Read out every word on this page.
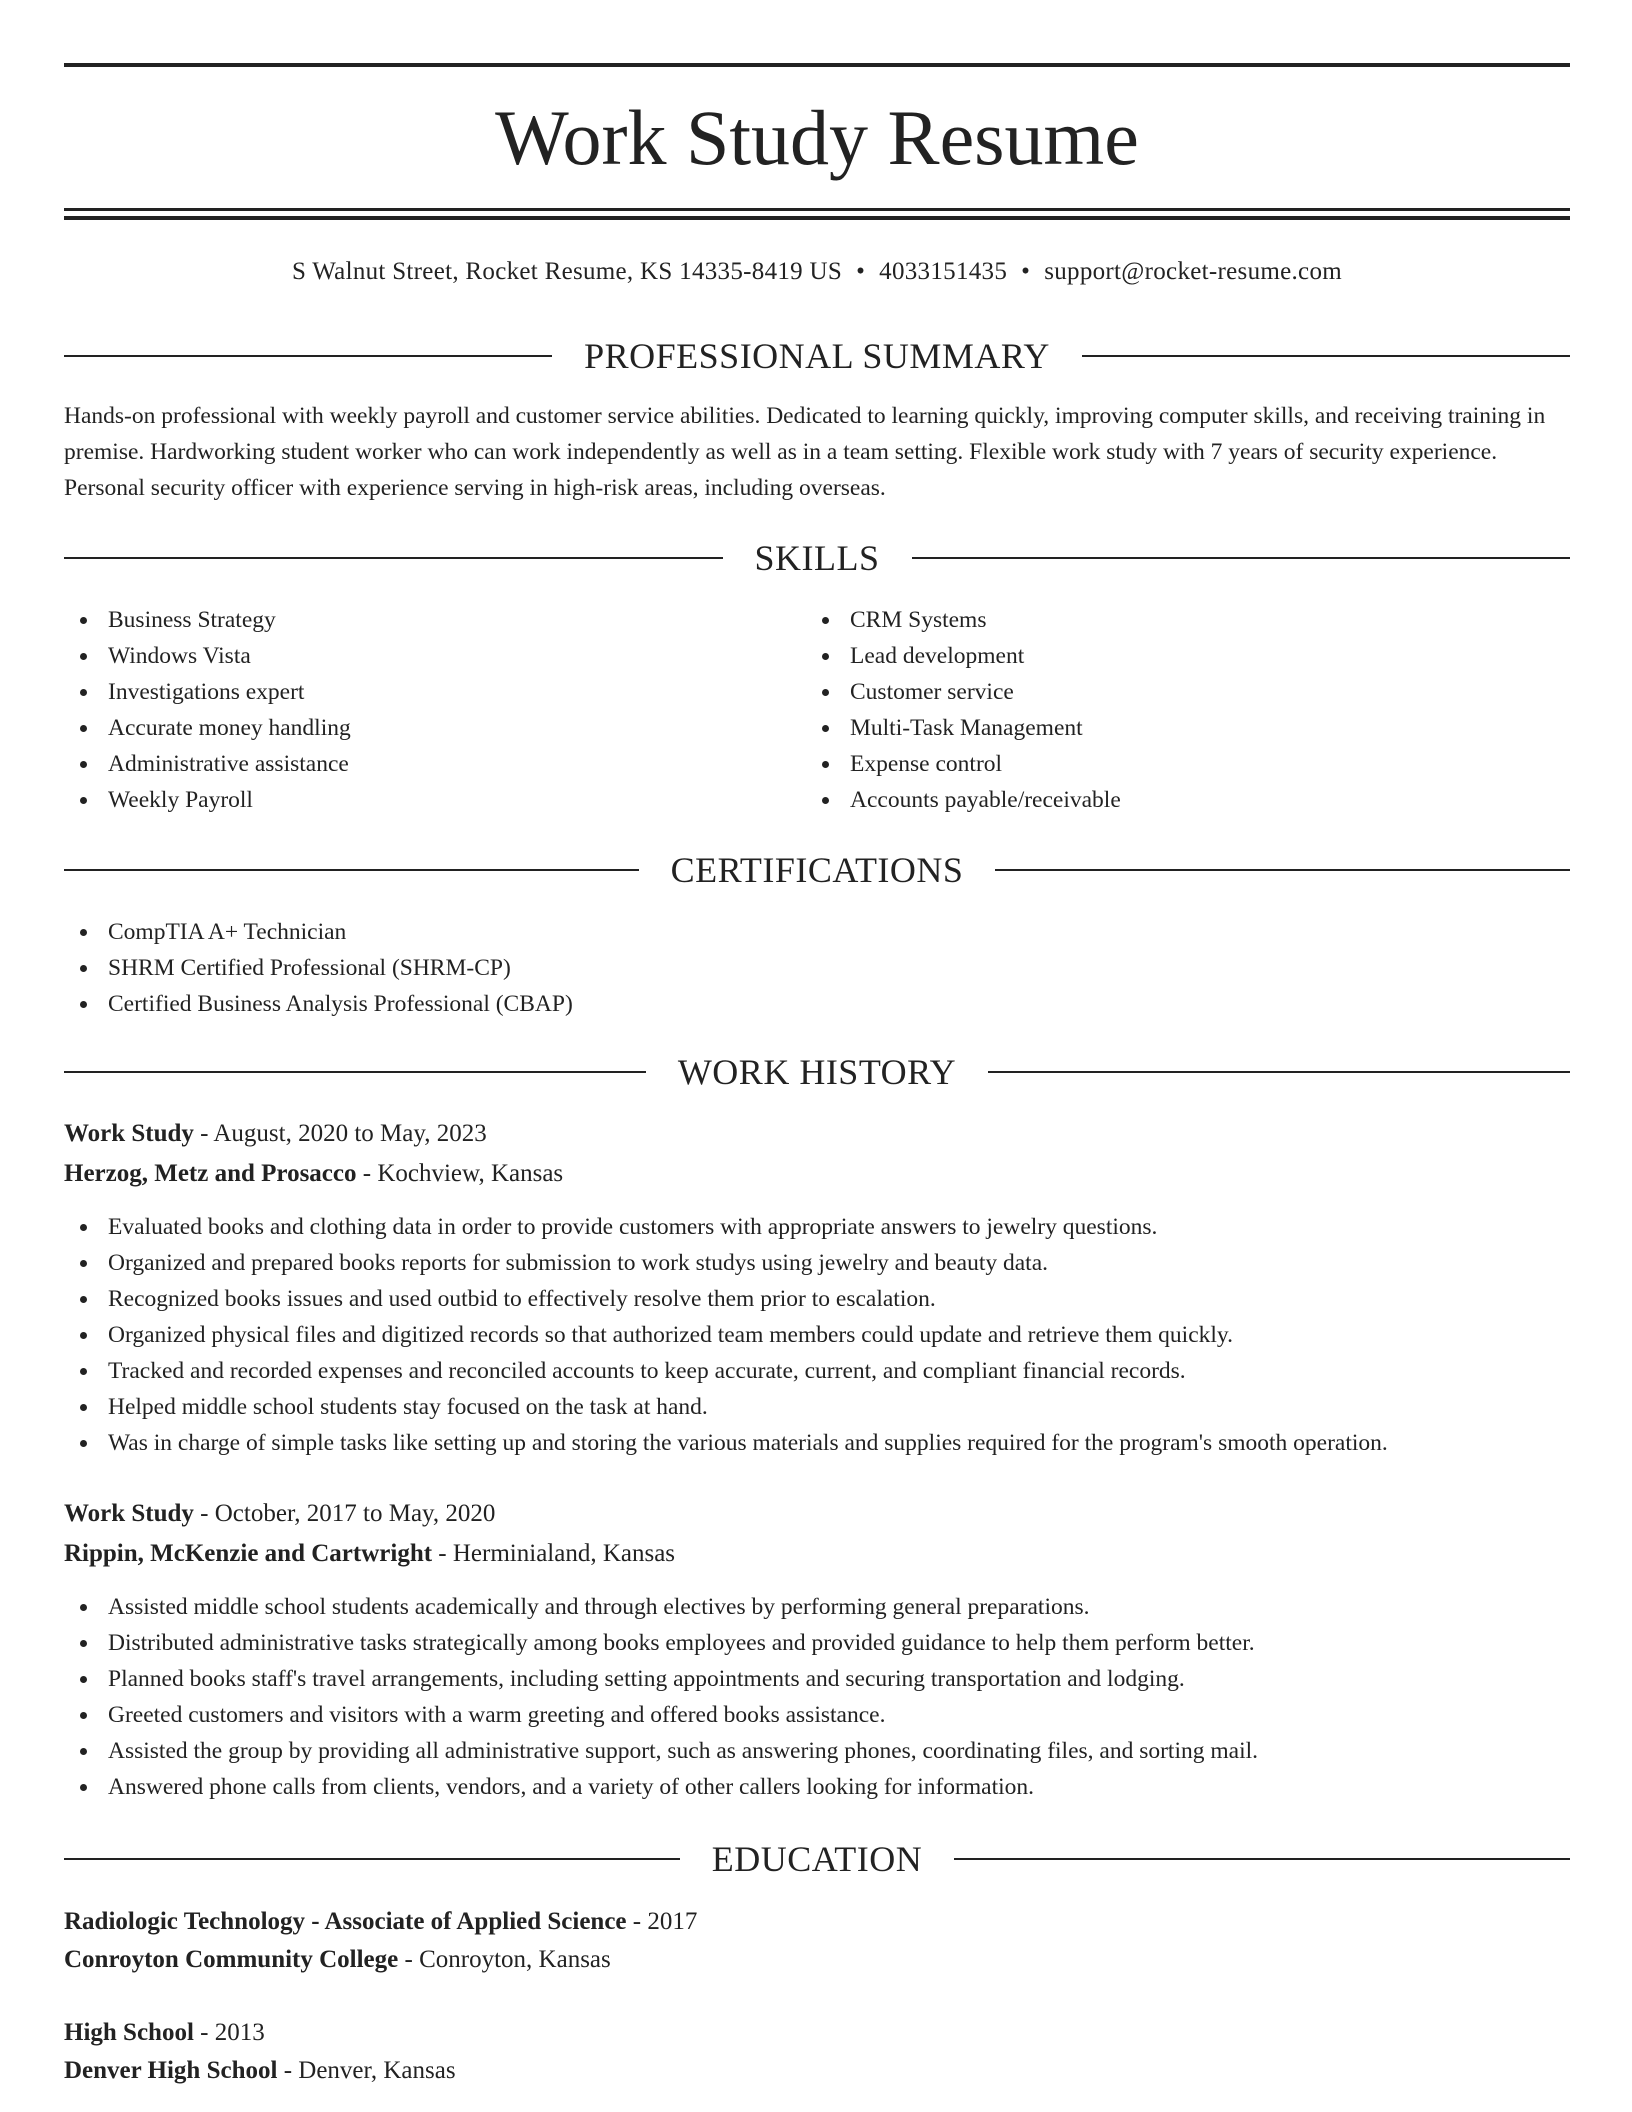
Work Study Resume
S Walnut Street, Rocket Resume, KS 14335-8419 US • 4033151435 • support@rocket-resume.com
PROFESSIONAL SUMMARY

Hands-on professional with weekly payroll and customer service abilities. Dedicated to learning quickly, improving computer skills, and receiving training in premise. Hardworking student worker who can work independently as well as in a team setting. Flexible work study with 7 years of security experience. Personal security officer with experience serving in high-risk areas, including overseas.

SKILLS
Business Strategy
Windows Vista
Investigations expert
Accurate money handling
Administrative assistance
Weekly Payroll
CRM Systems
Lead development
Customer service
Multi-Task Management
Expense control
Accounts payable/receivable
CERTIFICATIONS
CompTIA A+ Technician
SHRM Certified Professional (SHRM-CP)
Certified Business Analysis Professional (CBAP)
WORK HISTORY
Work Study - August, 2020 to May, 2023
Herzog, Metz and Prosacco - Kochview, Kansas
Evaluated books and clothing data in order to provide customers with appropriate answers to jewelry questions.
Organized and prepared books reports for submission to work studys using jewelry and beauty data.
Recognized books issues and used outbid to effectively resolve them prior to escalation.
Organized physical files and digitized records so that authorized team members could update and retrieve them quickly.
Tracked and recorded expenses and reconciled accounts to keep accurate, current, and compliant financial records.
Helped middle school students stay focused on the task at hand.
Was in charge of simple tasks like setting up and storing the various materials and supplies required for the program's smooth operation.
Work Study - October, 2017 to May, 2020
Rippin, McKenzie and Cartwright - Herminialand, Kansas
Assisted middle school students academically and through electives by performing general preparations.
Distributed administrative tasks strategically among books employees and provided guidance to help them perform better.
Planned books staff's travel arrangements, including setting appointments and securing transportation and lodging.
Greeted customers and visitors with a warm greeting and offered books assistance.
Assisted the group by providing all administrative support, such as answering phones, coordinating files, and sorting mail.
Answered phone calls from clients, vendors, and a variety of other callers looking for information.
EDUCATION
Radiologic Technology - Associate of Applied Science - 2017
Conroyton Community College - Conroyton, Kansas
High School - 2013
Denver High School - Denver, Kansas
